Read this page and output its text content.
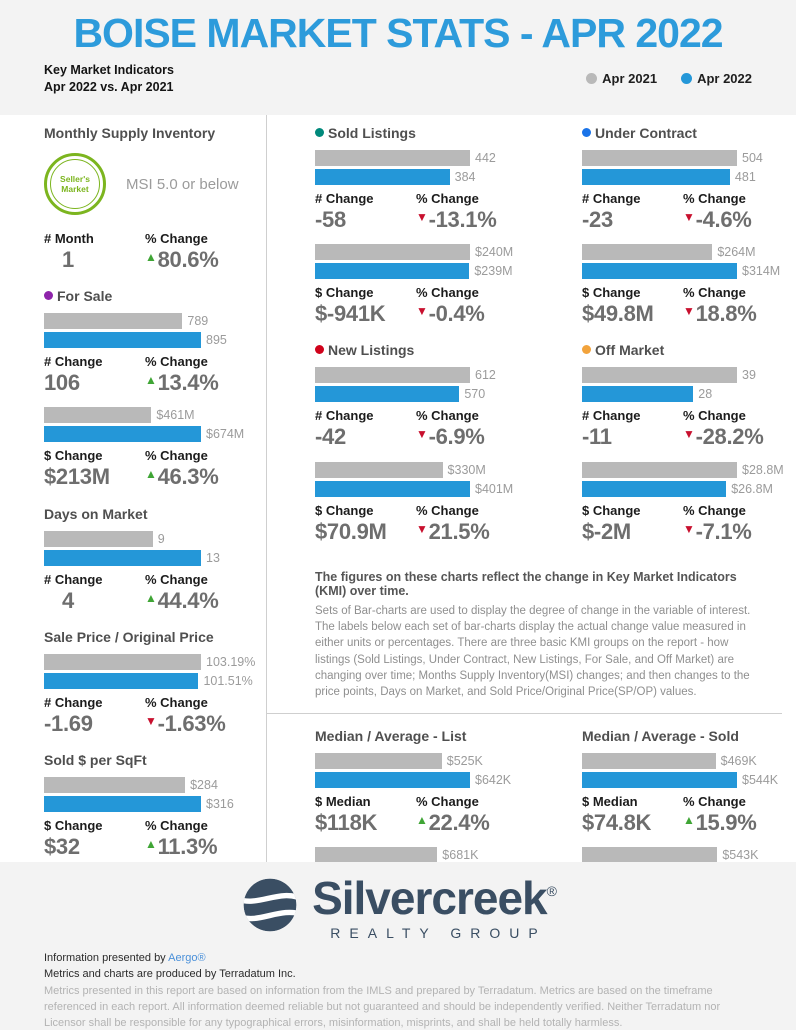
BOISE MARKET STATS - APR 2022
Key Market Indicators
Apr 2022 vs. Apr 2021
Apr 2021	Apr 2022
Monthly Supply Inventory
Seller's
Market MSI 5.0 or below
# Month
1
% Change
▲80.6%
For Sale
789
895
# Change
106
% Change
▲13.4%
$461M
$674M
$ Change
$213M
% Change
▲46.3%
Days on Market
9
13
# Change
4
% Change
▲44.4%
Sale Price / Original Price
103.19%
101.51%
# Change
-1.69
% Change
▼-1.63%
Sold $ per SqFt
$284
$316
$ Change
$32
% Change
▲11.3%
Sold Listings
442
384
# Change
-58
% Change
▼-13.1%
$240M
$239M
$ Change
$-941K
% Change
▼-0.4%
New Listings
612
570
# Change
-42
% Change
▼-6.9%
$330M
$401M
$ Change
$70.9M
% Change
▼21.5%
Under Contract
504
481
# Change
-23
% Change
▼-4.6%
$264M
$314M
$ Change
$49.8M
% Change
▼18.8%
Off Market
39
28
# Change
-11
% Change
▼-28.2%
$28.8M
$26.8M
$ Change
$-2M
% Change
▼-7.1%
The figures on these charts reflect the change in Key Market Indicators (KMI) over time.
Sets of Bar-charts are used to display the degree of change in the variable of interest. The labels below each set of bar-charts display the actual change value measured in either units or percentages. There are three basic KMI groups on the report - how listings (Sold Listings, Under Contract, New Listings, For Sale, and Off Market) are changing over time; Months Supply Inventory(MSI) changes; and then changes to the price points, Days on Market, and Sold Price/Original Price(SP/OP) values.
Median / Average - List
$525K
$642K
$ Median
$118K
% Change
▲22.4%
$681K
Median / Average - Sold
$469K
$544K
$ Median
$74.8K
% Change
▲15.9%
$543K
Silvercreek®
REALTY GROUP
Information presented by Aergo®
Metrics and charts are produced by Terradatum Inc.
Metrics presented in this report are based on information from the IMLS and prepared by Terradatum. Metrics are based on the timeframe referenced in each report. All information deemed reliable but not guaranteed and should be independently verified. Neither Terradatum nor Licensor shall be responsible for any typographical errors, misinformation, misprints, and shall be held totally harmless.
